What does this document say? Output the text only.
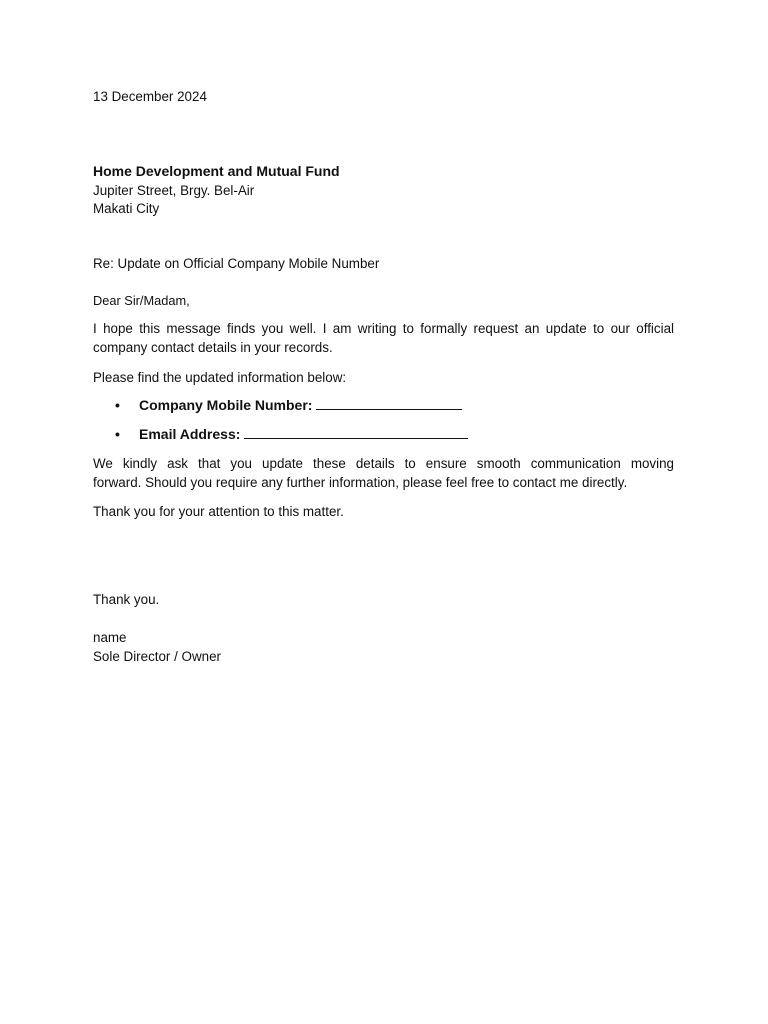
13 December 2024
Home Development and Mutual Fund
Jupiter Street, Brgy. Bel-Air
Makati City
Re: Update on Official Company Mobile Number
Dear Sir/Madam,
I hope this message finds you well. I am writing to formally request an update to our official
company contact details in your records.
Please find the updated information below:
• Company Mobile Number:
• Email Address:
We kindly ask that you update these details to ensure smooth communication moving
forward. Should you require any further information, please feel free to contact me directly.
Thank you for your attention to this matter.
Thank you.
name
Sole Director / Owner
